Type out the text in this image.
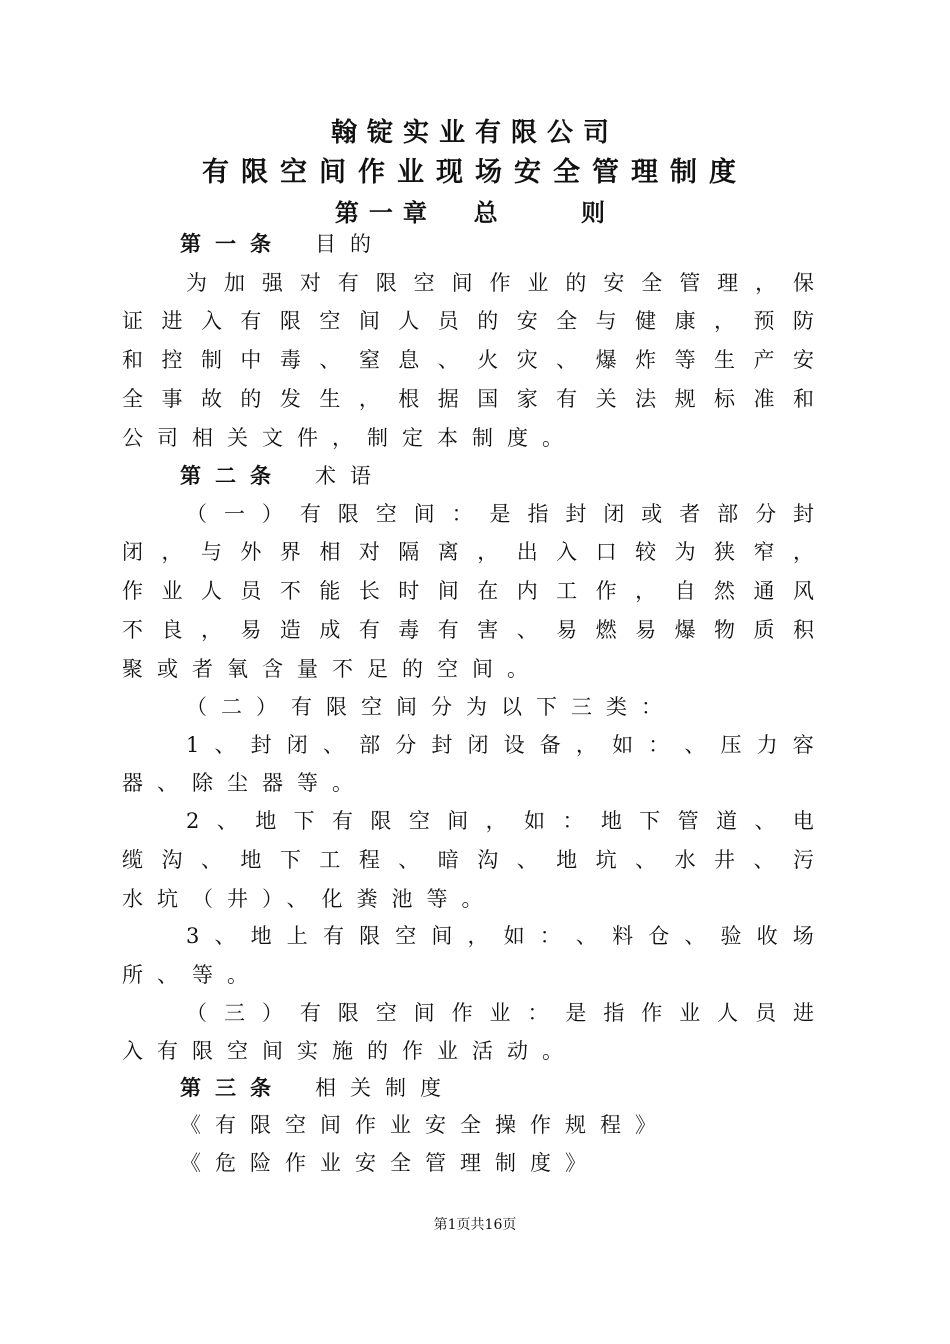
翰锭实业有限公司
有限空间作业现场安全管理制度
第一章  总    则
第一条 目的
为 加 强 对 有 限 空 间 作 业 的 安 全 管 理 ， 保
证 进 入 有 限 空 间 人 员 的 安 全 与 健 康 ， 预 防
和 控 制 中 毒 、 窒 息 、 火 灾 、 爆 炸 等 生 产 安
全 事 故 的 发 生 ， 根 据 国 家 有 关 法 规 标 准 和
公司相关文件，制定本制度。
第二条 术语
（ 一 ） 有 限 空 间 ： 是 指 封 闭 或 者 部 分 封
闭 ， 与 外 界 相 对 隔 离 ， 出 入 口 较 为 狭 窄 ，
作 业 人 员 不 能 长 时 间 在 内 工 作 ， 自 然 通 风
不 良 ， 易 造 成 有 毒 有 害 、 易 燃 易 爆 物 质 积
聚或者氧含量不足的空间。
（二）有限空间分为以下三类：
1 、 封 闭 、 部 分 封 闭 设 备 ， 如 ： 、 压 力 容
器、除尘器等。
2 、 地 下 有 限 空 间 ， 如 ： 地 下 管 道 、 电
缆 沟 、 地 下 工 程 、 暗 沟 、 地 坑 、 水 井 、 污
水坑（井）、化粪池等。
3 、 地 上 有 限 空 间 ， 如 ： 、 料 仓 、 验 收 场
所、等。
（ 三 ） 有 限 空 间 作 业 ： 是 指 作 业 人 员 进
入有限空间实施的作业活动。
第三条 相关制度
《有限空间作业安全操作规程》
《危险作业安全管理制度》
第1页共16页
